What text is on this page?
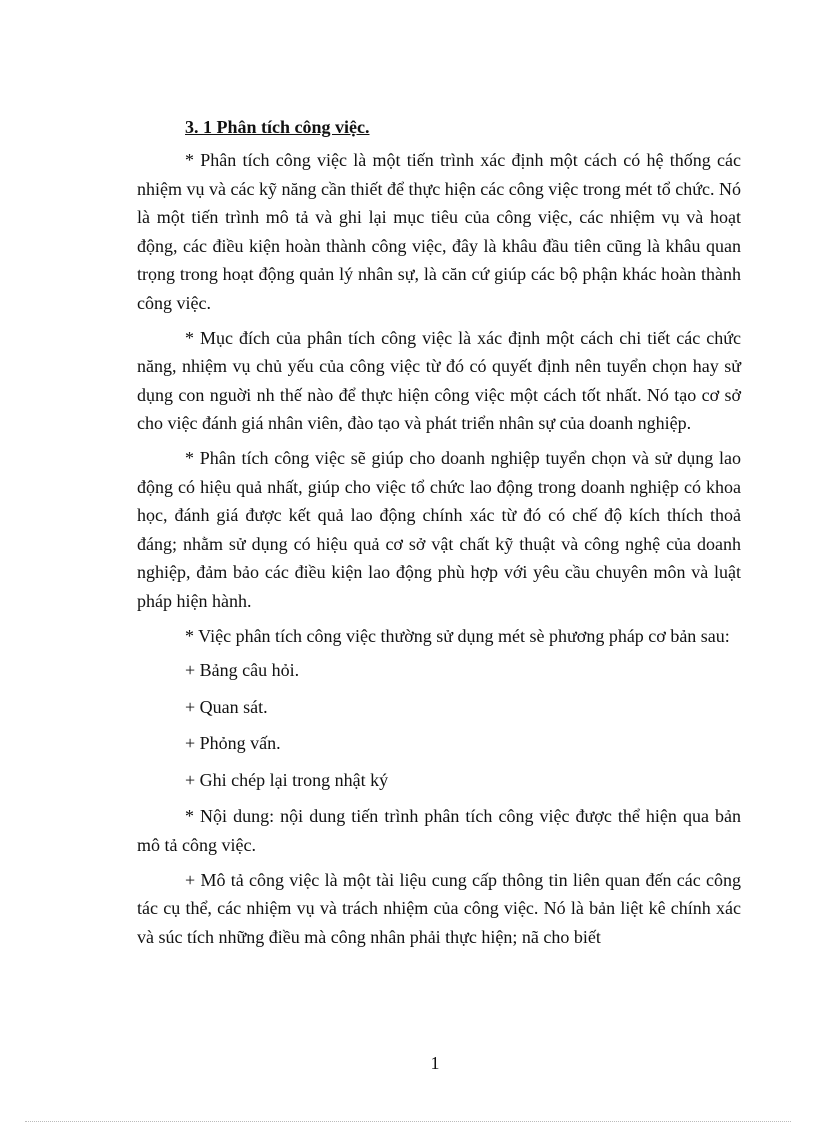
3. 1 Phân tích công việc.

* Phân tích công việc là một tiến trình xác định một cách có hệ thống các nhiệm vụ và các kỹ năng cần thiết để thực hiện các công việc trong mét tổ chức. Nó là một tiến trình mô tả và ghi lại mục tiêu của công việc, các nhiệm vụ và hoạt động, các điều kiện hoàn thành công việc, đây là khâu đầu tiên cũng là khâu quan trọng trong hoạt động quản lý nhân sự, là căn cứ giúp các bộ phận khác hoàn thành công việc.

* Mục đích của phân tích công việc là xác định một cách chi tiết các chức năng, nhiệm vụ chủ yếu của công việc từ đó có quyết định nên tuyển chọn hay sử dụng con nguời nh thế nào để thực hiện công việc một cách tốt nhất. Nó tạo cơ sở cho việc đánh giá nhân viên, đào tạo và phát triển nhân sự của doanh nghiệp.

* Phân tích công việc sẽ giúp cho doanh nghiệp tuyển chọn và sử dụng lao động có hiệu quả nhất, giúp cho việc tổ chức lao động trong doanh nghiệp có khoa học, đánh giá được kết quả lao động chính xác từ đó có chế độ kích thích thoả đáng; nhằm sử dụng có hiệu quả cơ sở vật chất kỹ thuật và công nghệ của doanh nghiệp, đảm bảo các điều kiện lao động phù hợp với yêu cầu chuyên môn và luật pháp hiện hành.

* Việc phân tích công việc thường sử dụng mét sè phương pháp cơ bản sau:

+ Bảng câu hỏi.
+ Quan sát.
+ Phỏng vấn.
+ Ghi chép lại trong nhật ký

* Nội dung: nội dung tiến trình phân tích công việc được thể hiện qua bản mô tả công việc.

+ Mô tả công việc là một tài liệu cung cấp thông tin liên quan đến các công tác cụ thể, các nhiệm vụ và trách nhiệm của công việc. Nó là bản liệt kê chính xác và súc tích những điều mà công nhân phải thực hiện; nã cho biết

1
